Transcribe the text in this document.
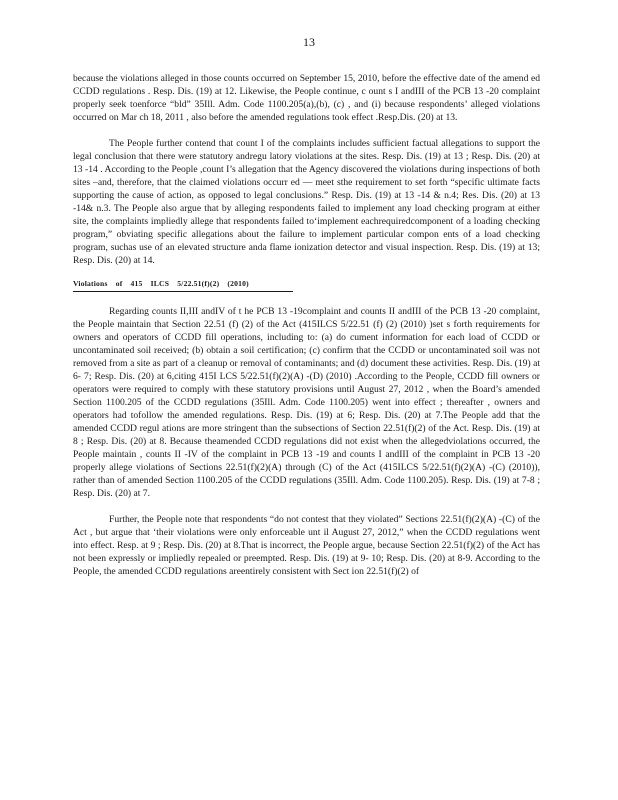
13

because the violations alleged in those counts occurred on September 15, 2010, before the effective date of the amend ed CCDD regulations . Resp. Dis. (19) at 12. Likewise, the People continue, c ount s I andIII of the PCB 13 -20 complaint properly seek toenforce “bld” 35Ill. Adm. Code 1100.205(a),(b), (c) , and (i) because respondents’ alleged violations occurred on Mar ch 18, 2011 , also before the amended regulations took effect .Resp.Dis. (20) at 13.

The People further contend that count I of the complaints includes sufficient factual allegations to support the legal conclusion that there were statutory andregu latory violations at the sites. Resp. Dis. (19) at 13 ; Resp. Dis. (20) at 13 -14 . According to the People ,count I’s allegation that the Agency discovered the violations during inspections of both sites –and, therefore, that the claimed violations occurr ed — meet sthe requirement to set forth “specific ultimate facts supporting the cause of action, as opposed to legal conclusions.” Resp. Dis. (19) at 13 -14 & n.4; Res. Dis. (20) at 13 -14& n.3. The People also argue that by alleging respondents failed to implement any load checking program at either site, the complaints impliedly allege that respondents failed to‘implement eachrequiredcomponent of a loading checking program,” obviating specific allegations about the failure to implement particular compon ents of a load checking program, suchas use of an elevated structure anda flame ionization detector and visual inspection. Resp. Dis. (19) at 13; Resp. Dis. (20) at 14.

Violations of 415 ILCS 5/22.51(f)(2) (2010)

Regarding counts II,III andIV of t he PCB 13 -19complaint and counts II andIII of the PCB 13 -20 complaint, the People maintain that Section 22.51 (f) (2) of the Act (415ILCS 5/22.51 (f) (2) (2010) )set s forth requirements for owners and operators of CCDD fill operations, including to: (a) do cument information for each load of CCDD or uncontaminated soil received; (b) obtain a soil certification; (c) confirm that the CCDD or uncontaminated soil was not removed from a site as part of a cleanup or removal of contaminants; and (d) document these activities. Resp. Dis. (19) at 6- 7; Resp. Dis. (20) at 6,citing 415I LCS 5/22.51(f)(2)(A) -(D) (2010) .According to the People, CCDD fill owners or operators were required to comply with these statutory provisions until August 27, 2012 , when the Board’s amended Section 1100.205 of the CCDD regulations (35Ill. Adm. Code 1100.205) went into effect ; thereafter , owners and operators had tofollow the amended regulations. Resp. Dis. (19) at 6; Resp. Dis. (20) at 7.The People add that the amended CCDD regul ations are more stringent than the subsections of Section 22.51(f)(2) of the Act. Resp. Dis. (19) at 8 ; Resp. Dis. (20) at 8. Because theamended CCDD regulations did not exist when the allegedviolations occurred, the People maintain , counts II -IV of the complaint in PCB 13 -19 and counts I andIII of the complaint in PCB 13 -20 properly allege violations of Sections 22.51(f)(2)(A) through (C) of the Act (415ILCS 5/22.51(f)(2)(A) -(C) (2010)), rather than of amended Section 1100.205 of the CCDD regulations (35Ill. Adm. Code 1100.205). Resp. Dis. (19) at 7-8 ; Resp. Dis. (20) at 7.

Further, the People note that respondents “do not contest that they violated” Sections 22.51(f)(2)(A) -(C) of the Act , but argue that ‘their violations were only enforceable unt il August 27, 2012,” when the CCDD regulations went into effect. Resp. at 9 ; Resp. Dis. (20) at 8.That is incorrect, the People argue, because Section 22.51(f)(2) of the Act has not been expressly or impliedly repealed or preempted. Resp. Dis. (19) at 9- 10; Resp. Dis. (20) at 8-9. According to the People, the amended CCDD regulations areentirely consistent with Sect ion 22.51(f)(2) of
